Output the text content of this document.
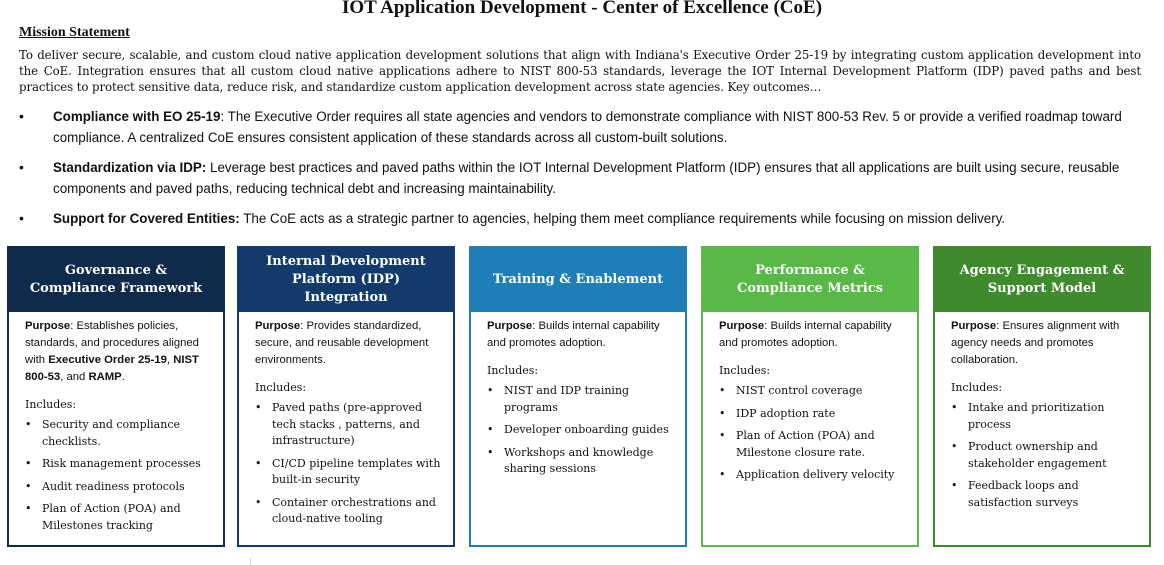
IOT Application Development - Center of Excellence (CoE)
Mission Statement

To deliver secure, scalable, and custom cloud native application development solutions that align with Indiana's Executive Order 25-19 by integrating custom application development into the CoE. Integration ensures that all custom cloud native applications adhere to NIST 800-53 standards, leverage the IOT Internal Development Platform (IDP) paved paths and best practices to protect sensitive data, reduce risk, and standardize custom application development across state agencies. Key outcomes…

• Compliance with EO 25-19: The Executive Order requires all state agencies and vendors to demonstrate compliance with NIST 800-53 Rev. 5 or provide a verified roadmap toward compliance. A centralized CoE ensures consistent application of these standards across all custom-built solutions.
• Standardization via IDP: Leverage best practices and paved paths within the IOT Internal Development Platform (IDP) ensures that all applications are built using secure, reusable components and paved paths, reducing technical debt and increasing maintainability.
• Support for Covered Entities: The CoE acts as a strategic partner to agencies, helping them meet compliance requirements while focusing on mission delivery.
Governance & Compliance Framework

Purpose: Establishes policies, standards, and procedures aligned with Executive Order 25-19, NIST 800-53, and RAMP.

Includes:
• Security and compliance checklists.
• Risk management processes
• Audit readiness protocols
• Plan of Action (POA) and Milestones tracking
Internal Development Platform (IDP) Integration

Purpose: Provides standardized, secure, and reusable development environments.

Includes:
• Paved paths (pre-approved tech stacks , patterns, and infrastructure)
• CI/CD pipeline templates with built-in security
• Container orchestrations and cloud-native tooling
Training & Enablement

Purpose: Builds internal capability and promotes adoption.

Includes:
• NIST and IDP training programs
• Developer onboarding guides
• Workshops and knowledge sharing sessions
Performance & Compliance Metrics

Purpose: Builds internal capability and promotes adoption.

Includes:
• NIST control coverage
• IDP adoption rate
• Plan of Action (POA) and Milestone closure rate.
• Application delivery velocity
Agency Engagement & Support Model

Purpose: Ensures alignment with agency needs and promotes collaboration.

Includes:
• Intake and prioritization process
• Product ownership and stakeholder engagement
• Feedback loops and satisfaction surveys
